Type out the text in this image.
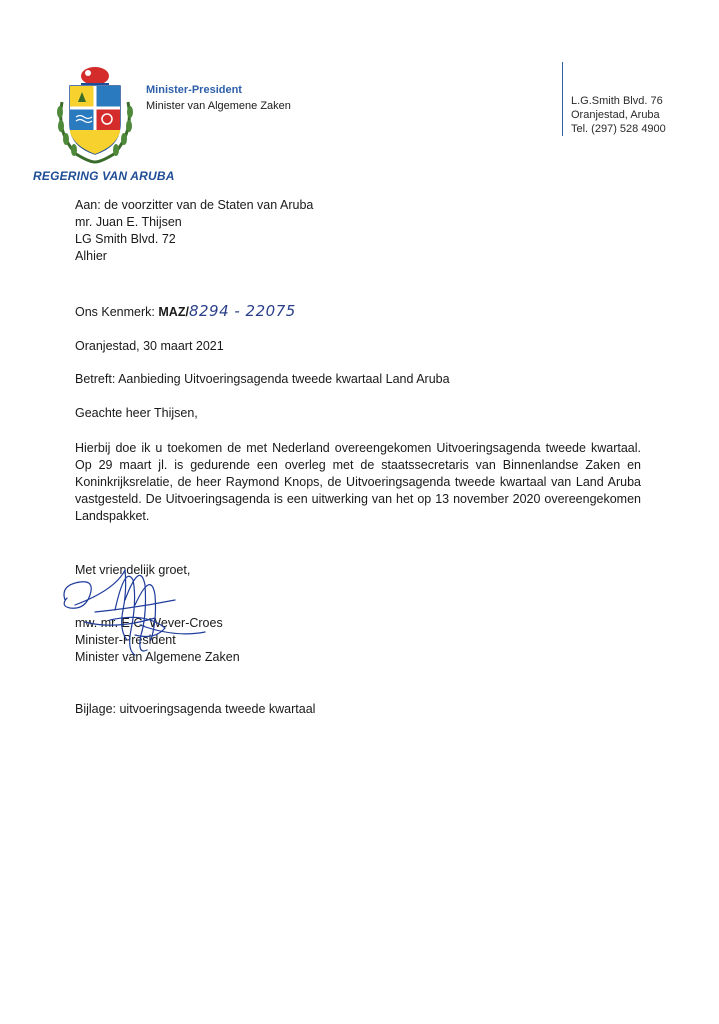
REGERING VAN ARUBA
Minister-President
Minister van Algemene Zaken	L.G.Smith Blvd. 76
Oranjestad, Aruba
Tel. (297) 528 4900
Aan: de voorzitter van de Staten van Aruba
mr. Juan E. Thijsen
LG Smith Blvd. 72
Alhier
Ons Kenmerk: MAZ/8294 - 22075
Oranjestad, 30 maart 2021
Betreft: Aanbieding Uitvoeringsagenda tweede kwartaal Land Aruba
Geachte heer Thijsen,
Hierbij doe ik u toekomen de met Nederland overeengekomen Uitvoeringsagenda tweede kwartaal. Op 29 maart jl. is gedurende een overleg met de staatssecretaris van Binnenlandse Zaken en Koninkrijksrelatie, de heer Raymond Knops, de Uitvoeringsagenda tweede kwartaal van Land Aruba vastgesteld. De Uitvoeringsagenda is een uitwerking van het op 13 november 2020 overeengekomen Landspakket.
Met vriendelijk groet,
mw. mr. E.C. Wever-Croes
Minister-President
Minister van Algemene Zaken
Bijlage: uitvoeringsagenda tweede kwartaal
